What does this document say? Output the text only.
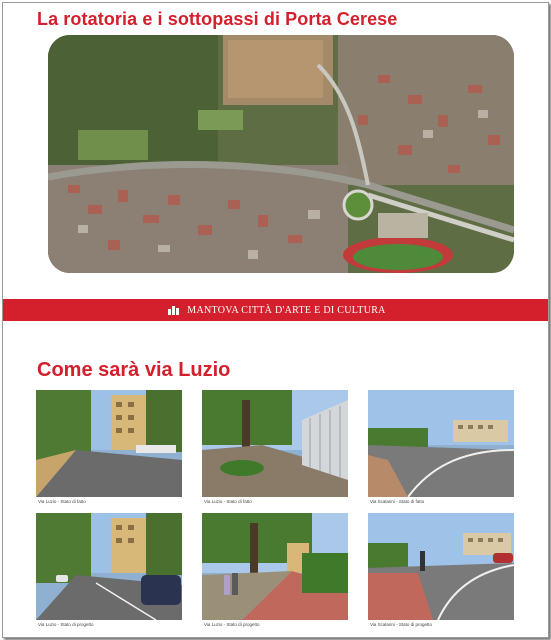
La rotatoria e i sottopassi di Porta Cerese
MANTOVA CITTÀ D'ARTE E DI CULTURA
Come sarà via Luzio
Via Luzio - Stato di fatto	Via Luzio - Stato di fatto	Via Scalarini - Stato di fatto
Via Luzio - Stato di progetto	Via Luzio - Stato di progetto	Via Scalarini - Stato di progetto
